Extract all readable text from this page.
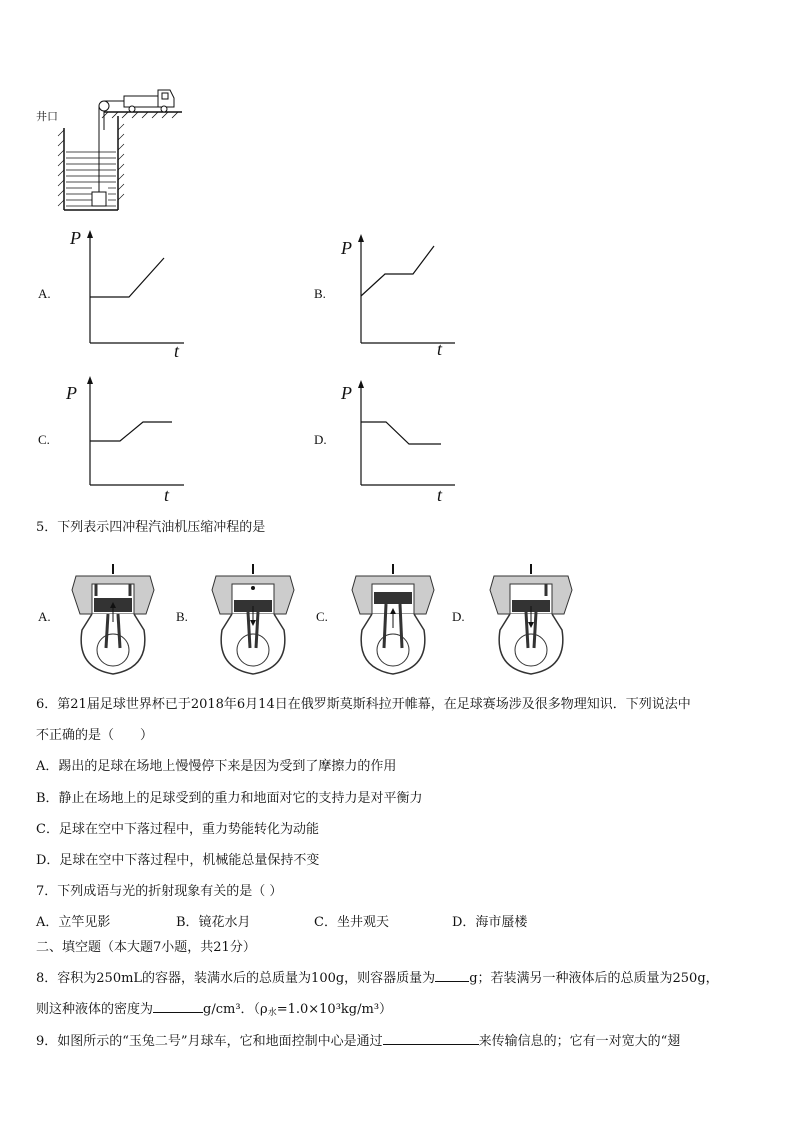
井口
A.
P
t
B.
P
t
C.
P
t
D.
P
t
5．下列表示四冲程汽油机压缩冲程的是
A.	B.	C.	D.
6．第21届足球世界杯已于2018年6月14日在俄罗斯莫斯科拉开帷幕，在足球赛场涉及很多物理知识．下列说法中
不正确的是（　　）
A．踢出的足球在场地上慢慢停下来是因为受到了摩擦力的作用
B．静止在场地上的足球受到的重力和地面对它的支持力是对平衡力
C．足球在空中下落过程中，重力势能转化为动能
D．足球在空中下落过程中，机械能总量保持不变
7．下列成语与光的折射现象有关的是（ ）
A．立竿见影	B．镜花水月	C．坐井观天	D．海市蜃楼
二、填空题（本大题7小题，共21分）
8．容积为250mL的容器，装满水后的总质量为100g，则容器质量为	g；若装满另一种液体后的总质量为250g，
则这种液体的密度为	g/cm³．$(\rho_水=1.0\times 10^3kg/m^3)$
9．如图所示的“玉兔二号”月球车，它和地面控制中心是通过	来传输信息的；它有一对宽大的“翅
